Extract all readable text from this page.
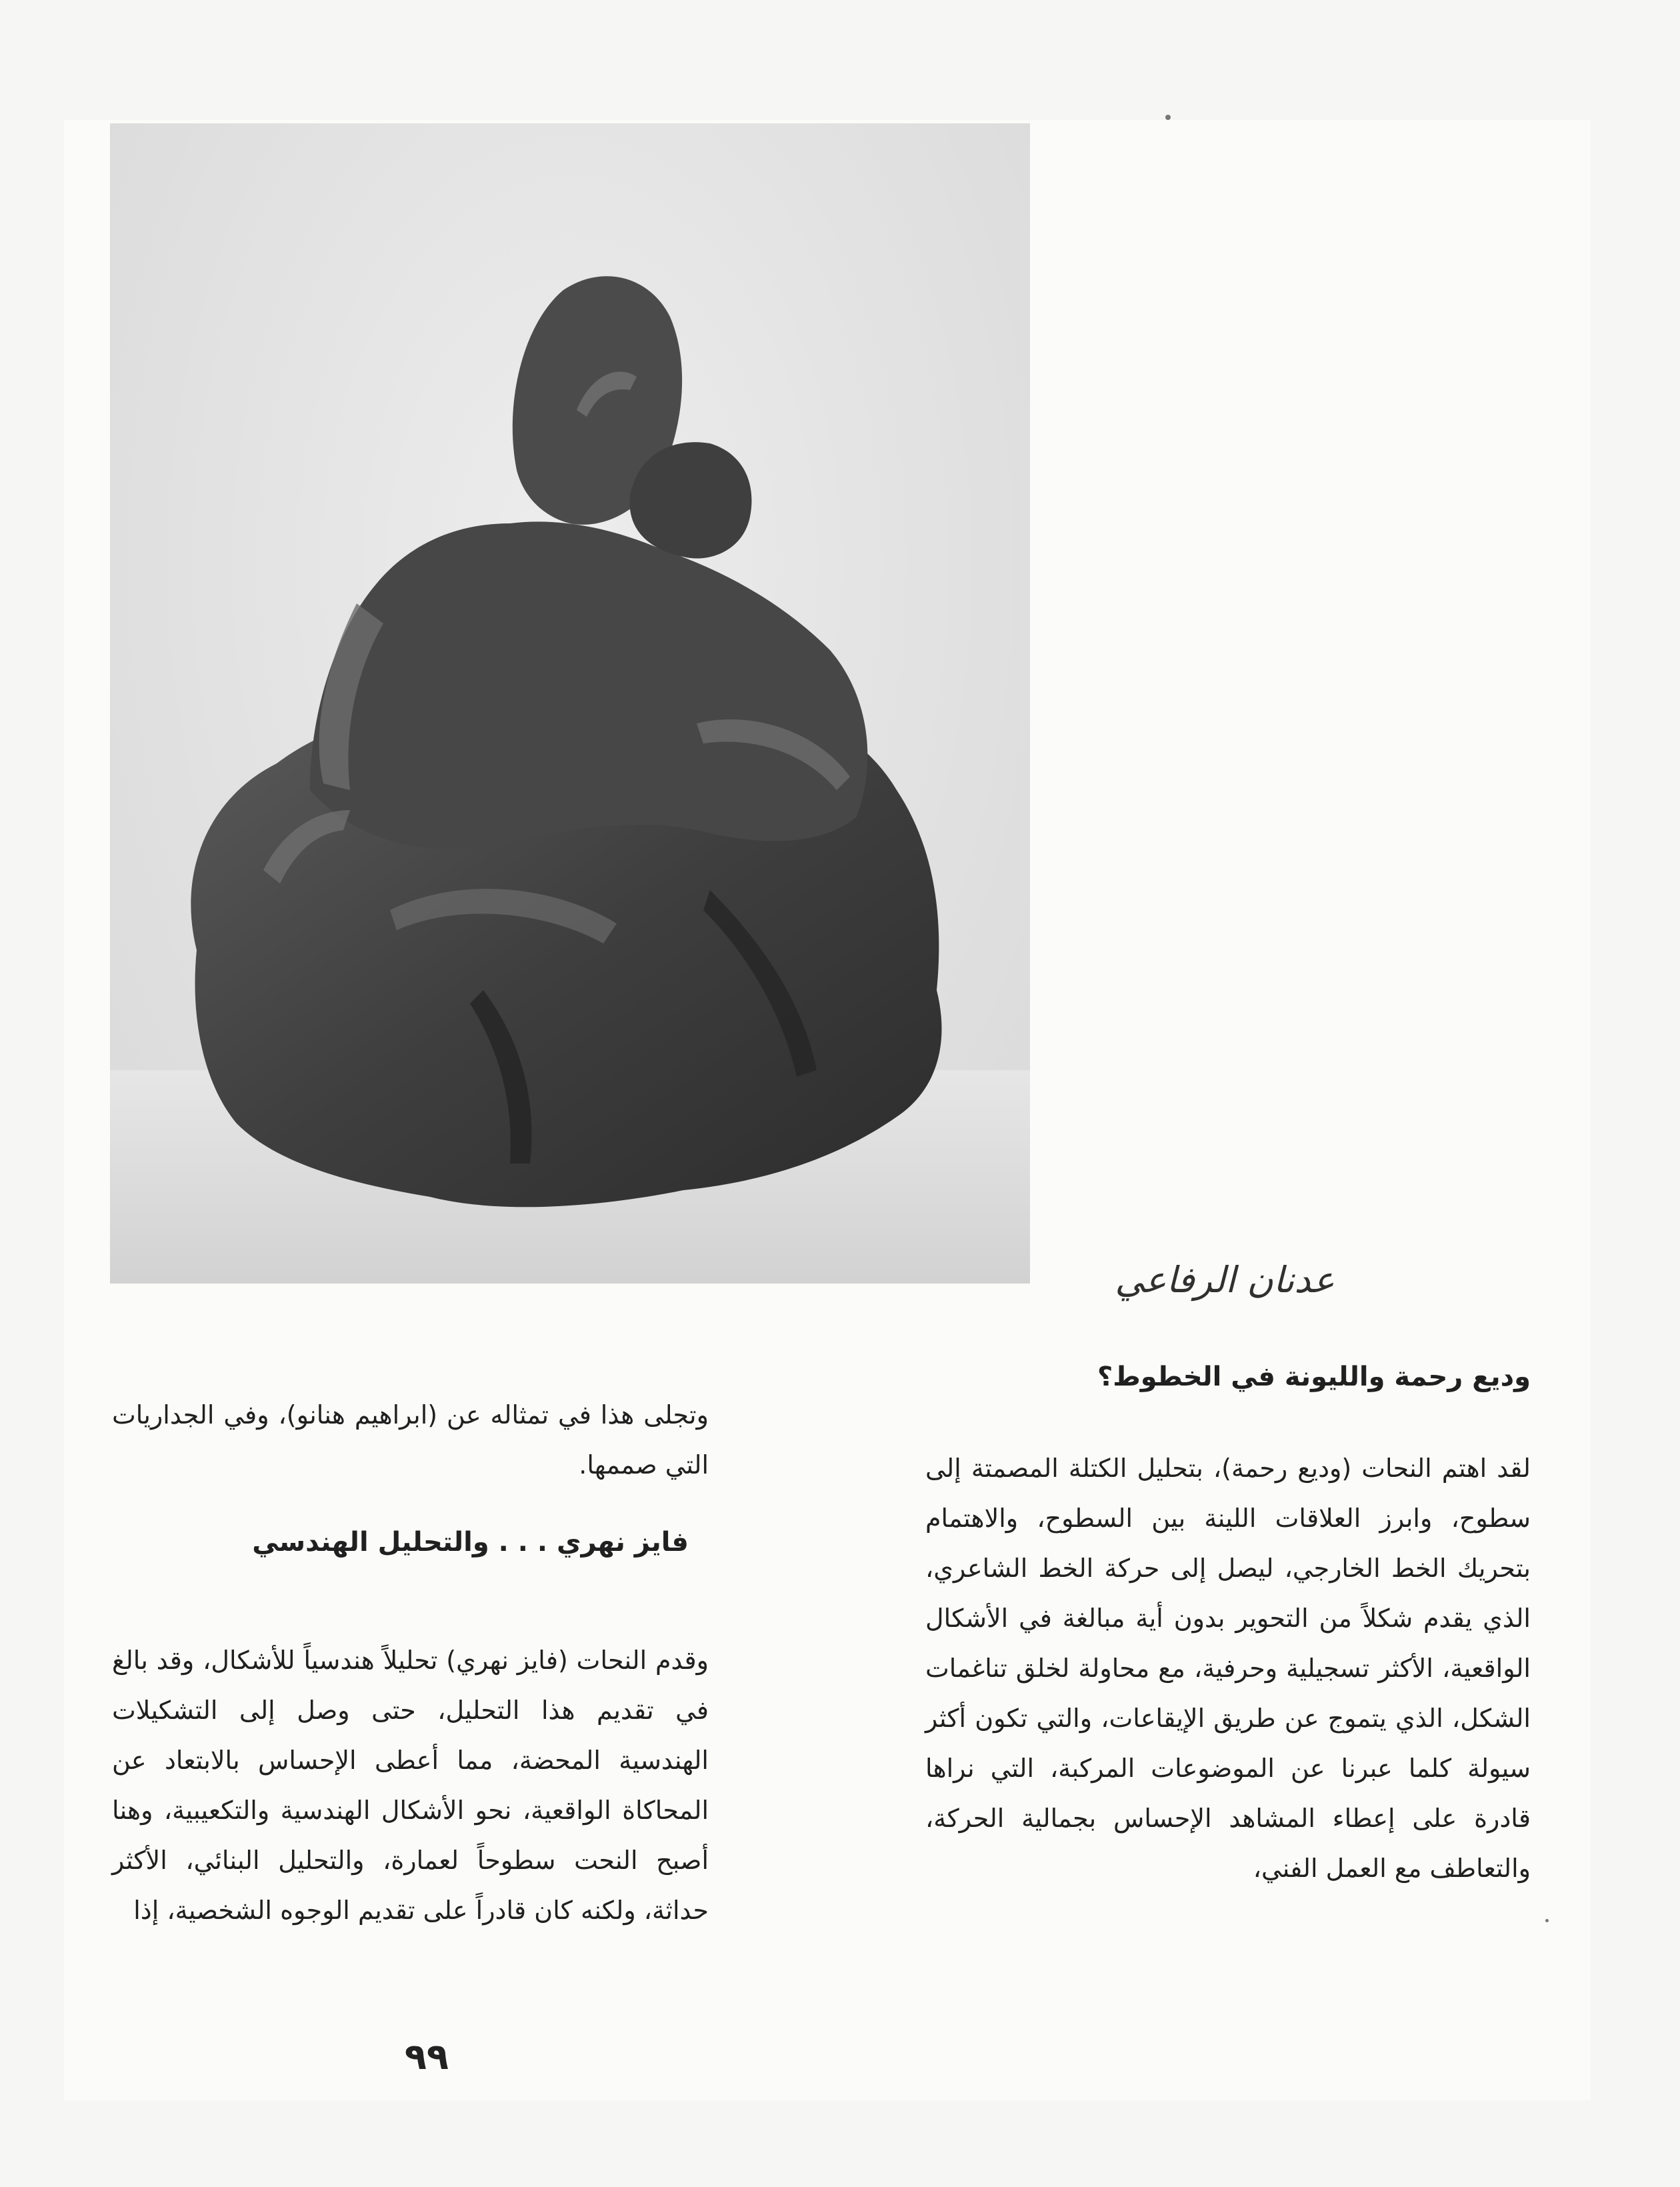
عدنان الرفاعي
وديع رحمة والليونة في الخطوط؟

لقد اهتم النحات (وديع رحمة)، بتحليل الكتلة المصمتة إلى سطوح، وابرز العلاقات اللينة بين السطوح، والاهتمام بتحريك الخط الخارجي، ليصل إلى حركة الخط الشاعري، الذي يقدم شكلاً من التحوير بدون أية مبالغة في الأشكال الواقعية، الأكثر تسجيلية وحرفية، مع محاولة لخلق تناغمات الشكل، الذي يتموج عن طريق الإيقاعات، والتي تكون أكثر سيولة كلما عبرنا عن الموضوعات المركبة، التي نراها قادرة على إعطاء المشاهد الإحساس بجمالية الحركة، والتعاطف مع العمل الفني،

وتجلى هذا في تمثاله عن (ابراهيم هنانو)، وفي الجداريات التي صممها.

فايز نهري . . . والتحليل الهندسي

وقدم النحات (فايز نهري) تحليلاً هندسياً للأشكال، وقد بالغ في تقديم هذا التحليل، حتى وصل إلى التشكيلات الهندسية المحضة، مما أعطى الإحساس بالابتعاد عن المحاكاة الواقعية، نحو الأشكال الهندسية والتكعيبية، وهنا أصبح النحت سطوحاً لعمارة، والتحليل البنائي، الأكثر حداثة، ولكنه كان قادراً على تقديم الوجوه الشخصية، إذا

٩٩
